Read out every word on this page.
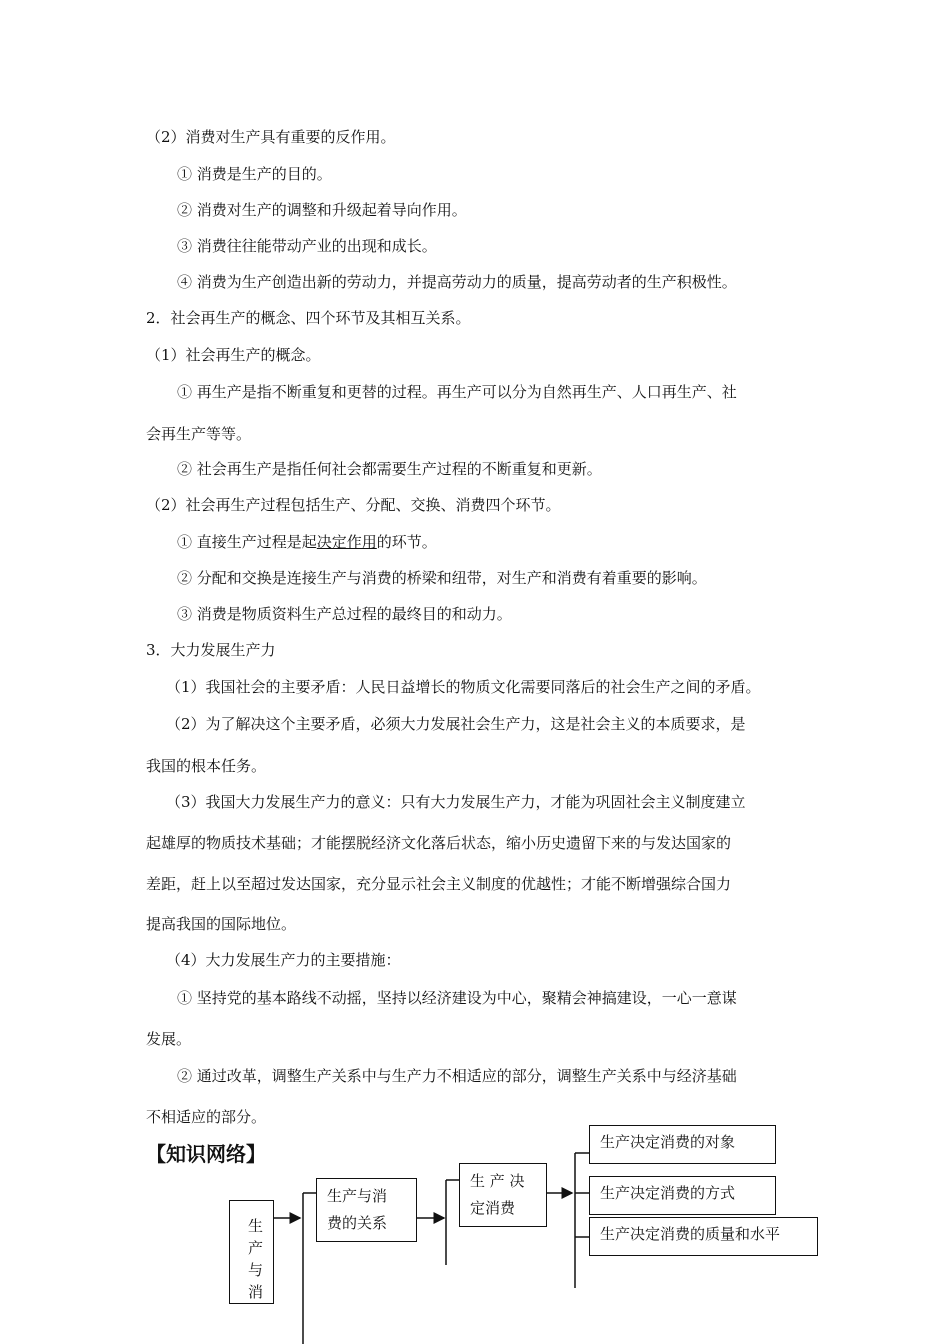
（2）消费对生产具有重要的反作用。
① 消费是生产的目的。
② 消费对生产的调整和升级起着导向作用。
③ 消费往往能带动产业的出现和成长。
④ 消费为生产创造出新的劳动力，并提高劳动力的质量，提高劳动者的生产积极性。
2．社会再生产的概念、四个环节及其相互关系。
（1）社会再生产的概念。
① 再生产是指不断重复和更替的过程。再生产可以分为自然再生产、人口再生产、社
会再生产等等。
② 社会再生产是指任何社会都需要生产过程的不断重复和更新。
（2）社会再生产过程包括生产、分配、交换、消费四个环节。
① 直接生产过程是起决定作用的环节。
② 分配和交换是连接生产与消费的桥梁和纽带，对生产和消费有着重要的影响。
③ 消费是物质资料生产总过程的最终目的和动力。
3．大力发展生产力
（1）我国社会的主要矛盾：人民日益增长的物质文化需要同落后的社会生产之间的矛盾。
（2）为了解决这个主要矛盾，必须大力发展社会生产力，这是社会主义的本质要求，是
我国的根本任务。
（3）我国大力发展生产力的意义：只有大力发展生产力，才能为巩固社会主义制度建立
起雄厚的物质技术基础；才能摆脱经济文化落后状态，缩小历史遗留下来的与发达国家的
差距，赶上以至超过发达国家，充分显示社会主义制度的优越性；才能不断增强综合国力
提高我国的国际地位。
（4）大力发展生产力的主要措施：
① 坚持党的基本路线不动摇，坚持以经济建设为中心，聚精会神搞建设，一心一意谋
发展。
② 通过改革，调整生产关系中与生产力不相适应的部分，调整生产关系中与经济基础
不相适应的部分。
【知识网络】
生
产
与
消
生产与消
费的关系
生 产 决
定消费
生产决定消费的对象
生产决定消费的方式
生产决定消费的质量和水平
